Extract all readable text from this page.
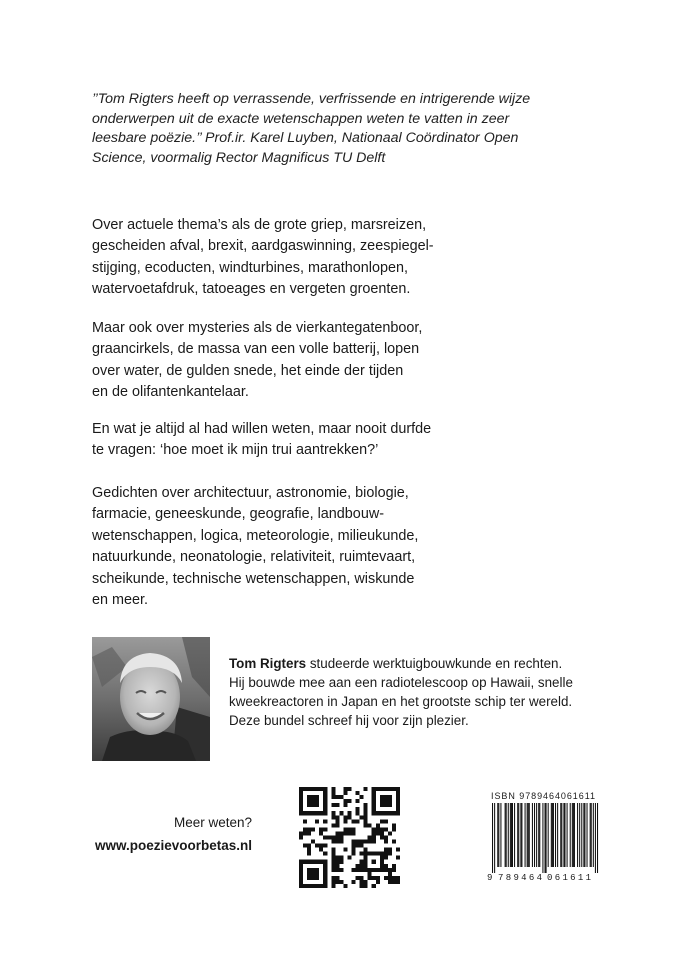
’’Tom Rigters heeft op verrassende, verfrissende en intrigerende wijze
onderwerpen uit de exacte wetenschappen weten te vatten in zeer
leesbare poëzie.’’ Prof.ir. Karel Luyben, Nationaal Coördinator Open
Science, voormalig Rector Magnificus TU Delft
Over actuele thema’s als de grote griep, marsreizen,
gescheiden afval, brexit, aardgaswinning, zeespiegel-
stijging, ecoducten, windturbines, marathonlopen,
watervoetafdruk, tatoeages en vergeten groenten.
Maar ook over mysteries als de vierkantegatenboor,
graancirkels, de massa van een volle batterij, lopen
over water, de gulden snede, het einde der tijden
en de olifantenkantelaar.
En wat je altijd al had willen weten, maar nooit durfde
te vragen: ‘hoe moet ik mijn trui aantrekken?’
Gedichten over architectuur, astronomie, biologie,
farmacie, geneeskunde, geografie, landbouw-
wetenschappen, logica, meteorologie, milieukunde,
natuurkunde, neonatologie, relativiteit, ruimtevaart,
scheikunde, technische wetenschappen, wiskunde
en meer.
Tom Rigters studeerde werktuigbouwkunde en rechten.
Hij bouwde mee aan een radiotelescoop op Hawaii, snelle
kweekreactoren in Japan en het grootste schip ter wereld.
Deze bundel schreef hij voor zijn plezier.
Meer weten?
www.poezievoorbetas.nl
ISBN 9789464061611
9 789464 061611
